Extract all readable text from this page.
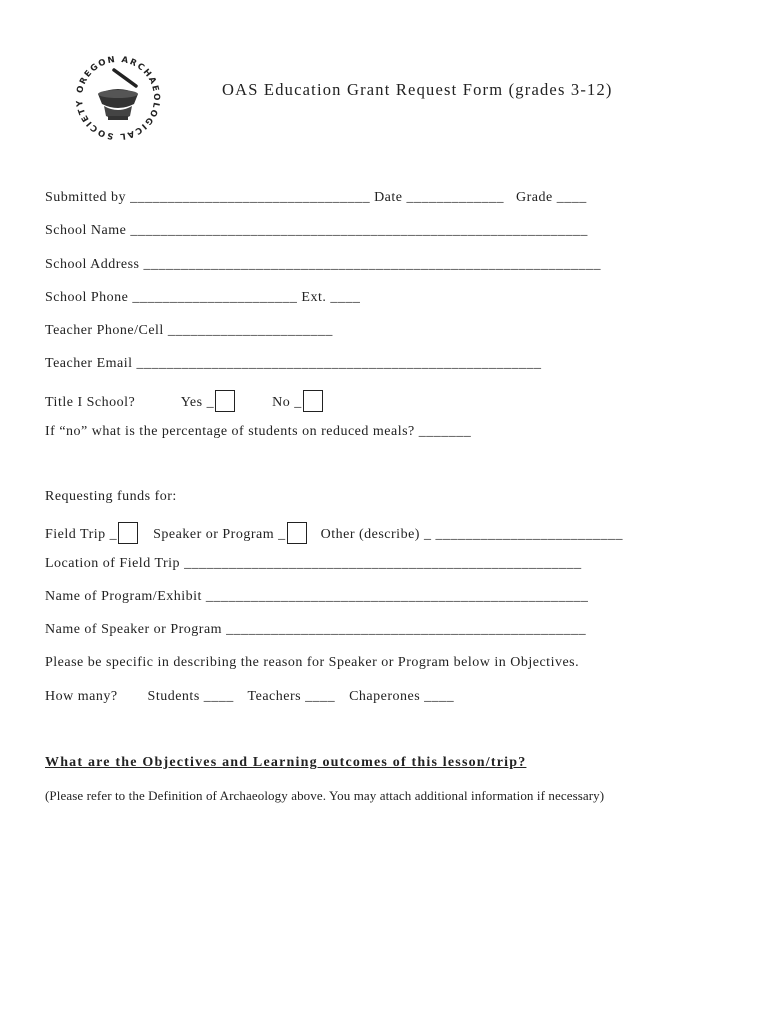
OREGON ARCHAEOLOGICAL SOCIETY
OAS Education Grant Request Form (grades 3-12)
Submitted by ________________________________ Date _____________ Grade ____
School Name _____________________________________________________________
School Address _____________________________________________________________
School Phone ______________________ Ext. ____
Teacher Phone/Cell ______________________
Teacher Email ______________________________________________________
Title I School?	Yes _	No _
If “no” what is the percentage of students on reduced meals? _______
Requesting funds for:
Field Trip _	Speaker or Program _	Other (describe) _ _________________________
Location of Field Trip _____________________________________________________
Name of Program/Exhibit ___________________________________________________
Name of Speaker or Program ________________________________________________
Please be specific in describing the reason for Speaker or Program below in Objectives.
How many? Students ____ Teachers ____ Chaperones ____
What are the Objectives and Learning outcomes of this lesson/trip?
(Please refer to the Definition of Archaeology above. You may attach additional information if necessary)
